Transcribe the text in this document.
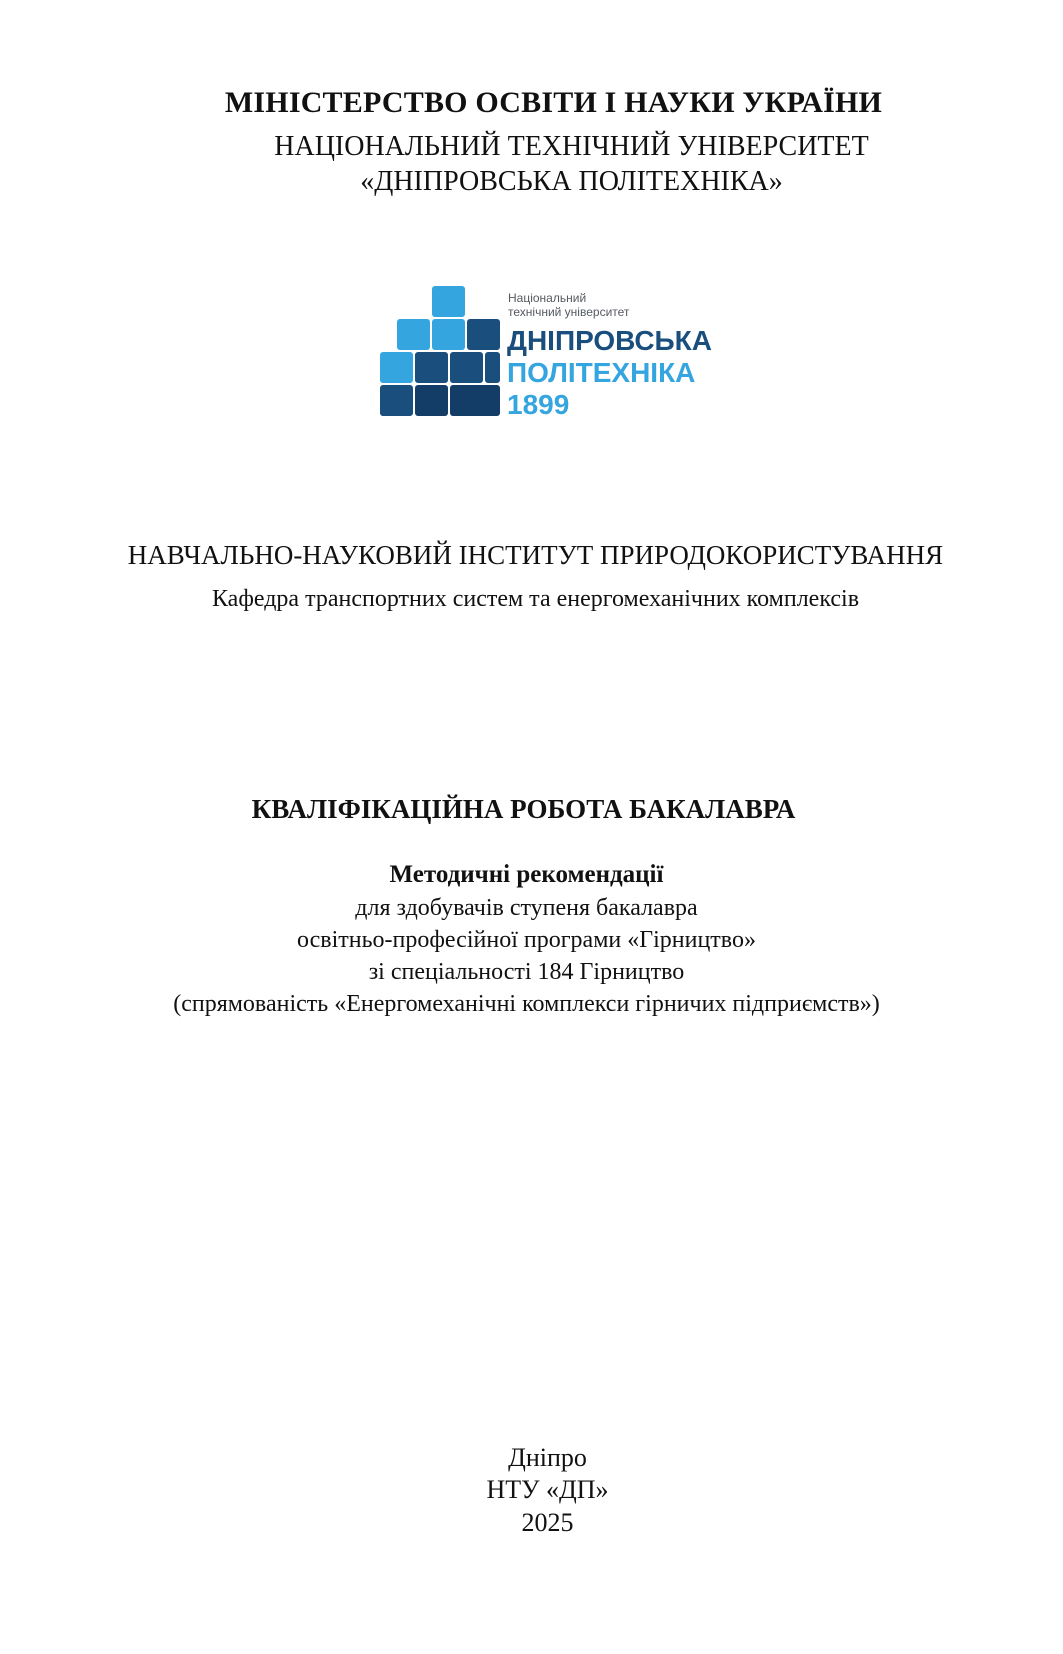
МІНІСТЕРСТВО ОСВІТИ І НАУКИ УКРАЇНИ
НАЦІОНАЛЬНИЙ ТЕХНІЧНИЙ УНІВЕРСИТЕТ
«ДНІПРОВСЬКА ПОЛІТЕХНІКА»
Національний
технічний університет
ДНІПРОВСЬКА
ПОЛІТЕХНІКА
1899
НАВЧАЛЬНО-НАУКОВИЙ ІНСТИТУТ ПРИРОДОКОРИСТУВАННЯ
Кафедра транспортних систем та енергомеханічних комплексів
КВАЛІФІКАЦІЙНА РОБОТА БАКАЛАВРА
Методичні рекомендації
для здобувачів ступеня бакалавра
освітньо-професійної програми «Гірництво»
зі спеціальності 184 Гірництво
(спрямованість «Енергомеханічні комплекси гірничих підприємств»)
Дніпро
НТУ «ДП»
2025
